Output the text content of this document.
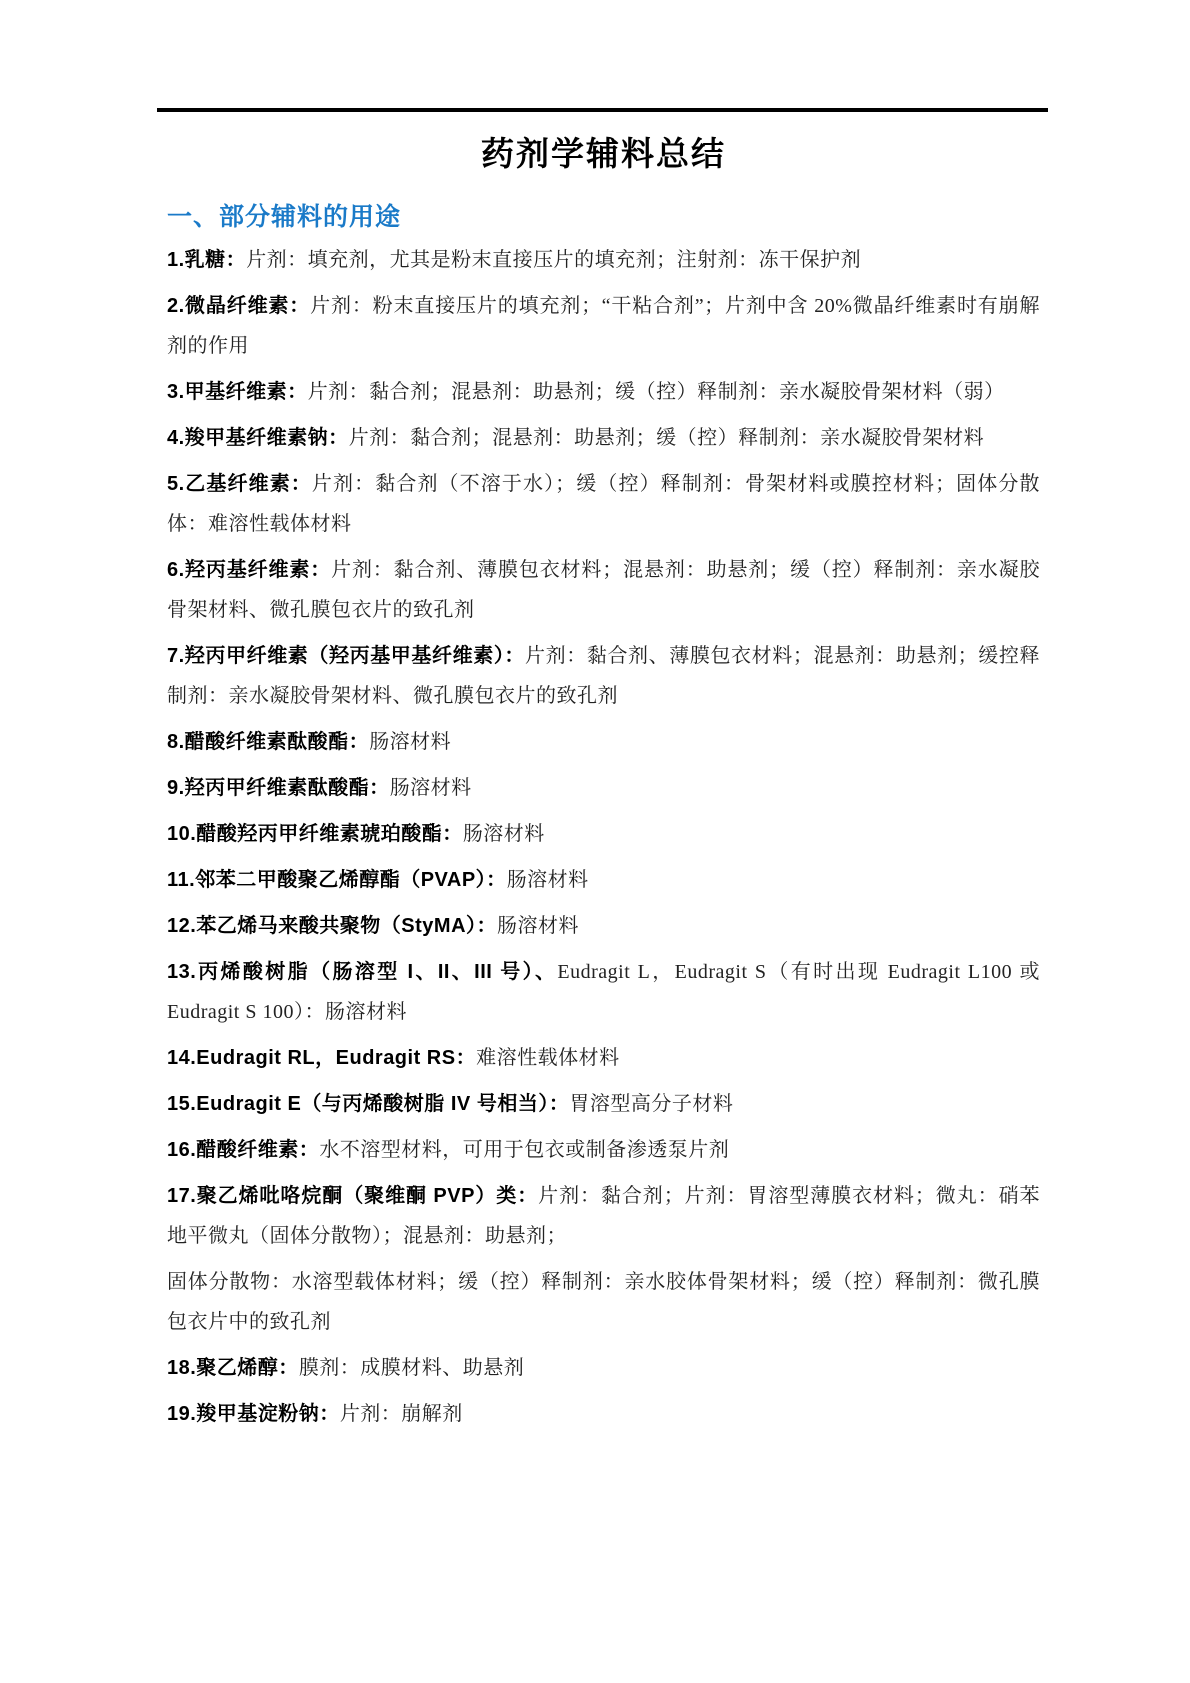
药剂学辅料总结
一、部分辅料的用途

1.乳糖：片剂：填充剂，尤其是粉末直接压片的填充剂；注射剂：冻干保护剂

2.微晶纤维素：片剂：粉末直接压片的填充剂；“干粘合剂”；片剂中含 20%微晶纤维素时有崩解剂的作用

3.甲基纤维素：片剂：黏合剂；混悬剂：助悬剂；缓（控）释制剂：亲水凝胶骨架材料（弱）

4.羧甲基纤维素钠：片剂：黏合剂；混悬剂：助悬剂；缓（控）释制剂：亲水凝胶骨架材料

5.乙基纤维素：片剂：黏合剂（不溶于水）；缓（控）释制剂：骨架材料或膜控材料；固体分散体：难溶性载体材料

6.羟丙基纤维素：片剂：黏合剂、薄膜包衣材料；混悬剂：助悬剂；缓（控）释制剂：亲水凝胶骨架材料、微孔膜包衣片的致孔剂

7.羟丙甲纤维素（羟丙基甲基纤维素）：片剂：黏合剂、薄膜包衣材料；混悬剂：助悬剂；缓控释制剂：亲水凝胶骨架材料、微孔膜包衣片的致孔剂

8.醋酸纤维素酞酸酯：肠溶材料

9.羟丙甲纤维素酞酸酯：肠溶材料

10.醋酸羟丙甲纤维素琥珀酸酯：肠溶材料

11.邻苯二甲酸聚乙烯醇酯（PVAP）：肠溶材料

12.苯乙烯马来酸共聚物（StyMA）：肠溶材料

13.丙烯酸树脂（肠溶型 I、II、III 号）、Eudragit L，Eudragit S（有时出现 Eudragit L100 或 Eudragit S 100）：肠溶材料

14.Eudragit RL，Eudragit RS：难溶性载体材料

15.Eudragit E（与丙烯酸树脂 IV 号相当）：胃溶型高分子材料

16.醋酸纤维素：水不溶型材料，可用于包衣或制备渗透泵片剂

17.聚乙烯吡咯烷酮（聚维酮 PVP）类：片剂：黏合剂；片剂：胃溶型薄膜衣材料；微丸：硝苯地平微丸（固体分散物）；混悬剂：助悬剂；

固体分散物：水溶型载体材料；缓（控）释制剂：亲水胶体骨架材料；缓（控）释制剂：微孔膜包衣片中的致孔剂

18.聚乙烯醇：膜剂：成膜材料、助悬剂

19.羧甲基淀粉钠：片剂：崩解剂
